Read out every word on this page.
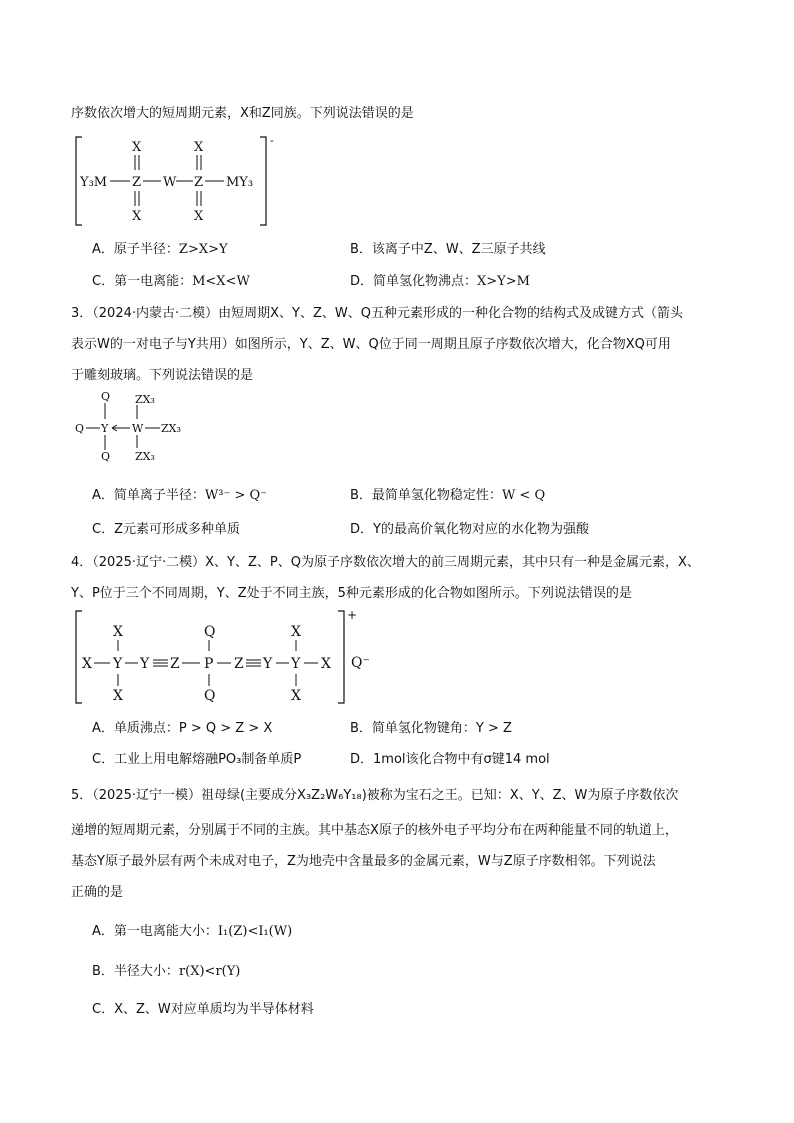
序数依次增大的短周期元素，X和Z同族。下列说法错误的是
-
X	X
Y₃M Z W Z MY₃
X	X
A．原子半径：Z>X>Y	B．该离子中Z、W、Z三原子共线
C．第一电离能：M<X<W	D．简单氢化物沸点：X>Y>M
3．（2024·内蒙古·二模）由短周期X、Y、Z、W、Q五种元素形成的一种化合物的结构式及成键方式（箭头
表示W的一对电子与Y共用）如图所示，Y、Z、W、Q位于同一周期且原子序数依次增大，化合物XQ可用
于雕刻玻璃。下列说法错误的是
Q
Q Y W ZX₃
ZX₃
ZX₃
Q
A．简单离子半径：W³⁻ > Q⁻	B．最简单氢化物稳定性：W < Q
C．Z元素可形成多种单质	D．Y的最高价氧化物对应的水化物为强酸
4．（2025·辽宁·二模）X、Y、Z、P、Q为原子序数依次增大的前三周期元素，其中只有一种是金属元素，X、
Y、P位于三个不同周期，Y、Z处于不同主族，5种元素形成的化合物如图所示。下列说法错误的是
+
Q⁻
X	Q	X
X Y Y Z P Z Y Y X
X	Q	X
A．单质沸点：P > Q > Z > X	B．简单氢化物键角：Y > Z
C．工业上用电解熔融PO₃制备单质P	D．1mol该化合物中有σ键14 mol
5．（2025·辽宁一模）祖母绿(主要成分X₃Z₂W₆Y₁₈)被称为宝石之王。已知：X、Y、Z、W为原子序数依次
递增的短周期元素，分别属于不同的主族。其中基态X原子的核外电子平均分布在两种能量不同的轨道上，
基态Y原子最外层有两个未成对电子，Z为地壳中含量最多的金属元素，W与Z原子序数相邻。下列说法
正确的是
A．第一电离能大小：I₁(Z)<I₁(W)
B．半径大小：r(X)<r(Y)
C．X、Z、W对应单质均为半导体材料
